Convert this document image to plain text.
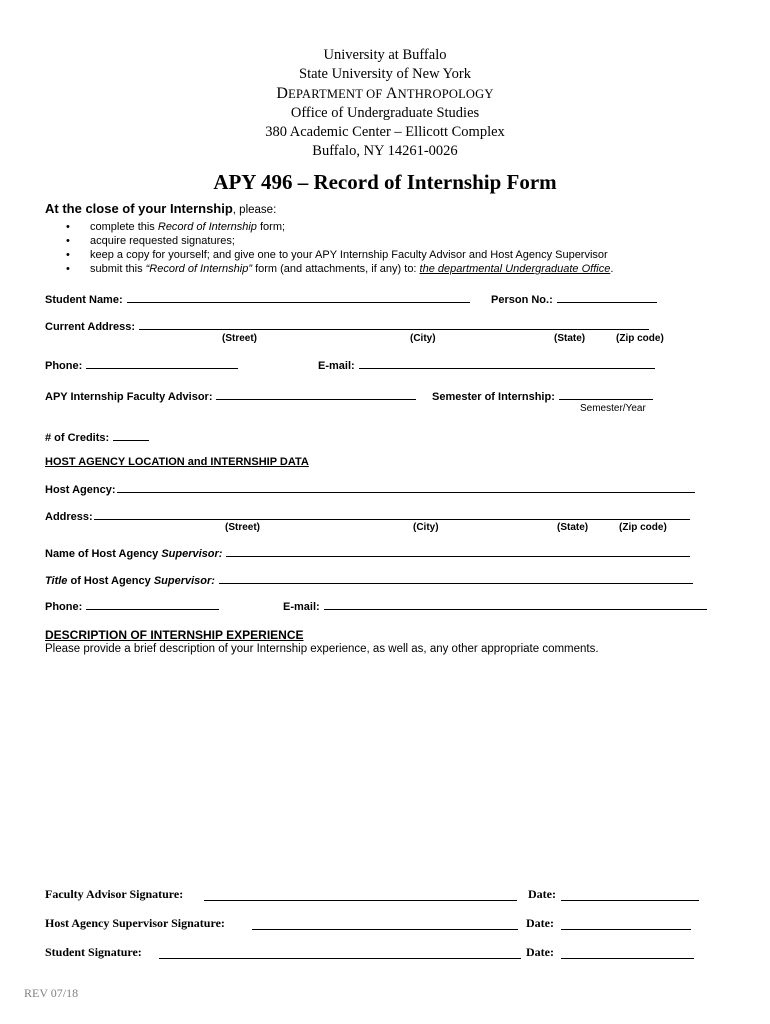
University at Buffalo
State University of New York
DEPARTMENT OF ANTHROPOLOGY
Office of Undergraduate Studies
380 Academic Center – Ellicott Complex
Buffalo, NY 14261-0026
APY 496 – Record of Internship Form
At the close of your Internship, please:
• complete this Record of Internship form;
• acquire requested signatures;
• keep a copy for yourself; and give one to your APY Internship Faculty Advisor and Host Agency Supervisor
• submit this “Record of Internship” form (and attachments, if any) to: the departmental Undergraduate Office.
Student Name:	Person No.:
Current Address:
(Street)	(City)	(State)	(Zip code)
Phone:	E-mail:
APY Internship Faculty Advisor:	Semester of Internship:
Semester/Year
# of Credits:
HOST AGENCY LOCATION and INTERNSHIP DATA
Host Agency:
Address:
(Street)	(City)	(State)	(Zip code)
Name of Host Agency Supervisor:
Title of Host Agency Supervisor:
Phone:	E-mail:
DESCRIPTION OF INTERNSHIP EXPERIENCE
Please provide a brief description of your Internship experience, as well as, any other appropriate comments.
Faculty Advisor Signature:	Date:
Host Agency Supervisor Signature:	Date:
Student Signature:	Date:
REV 07/18
